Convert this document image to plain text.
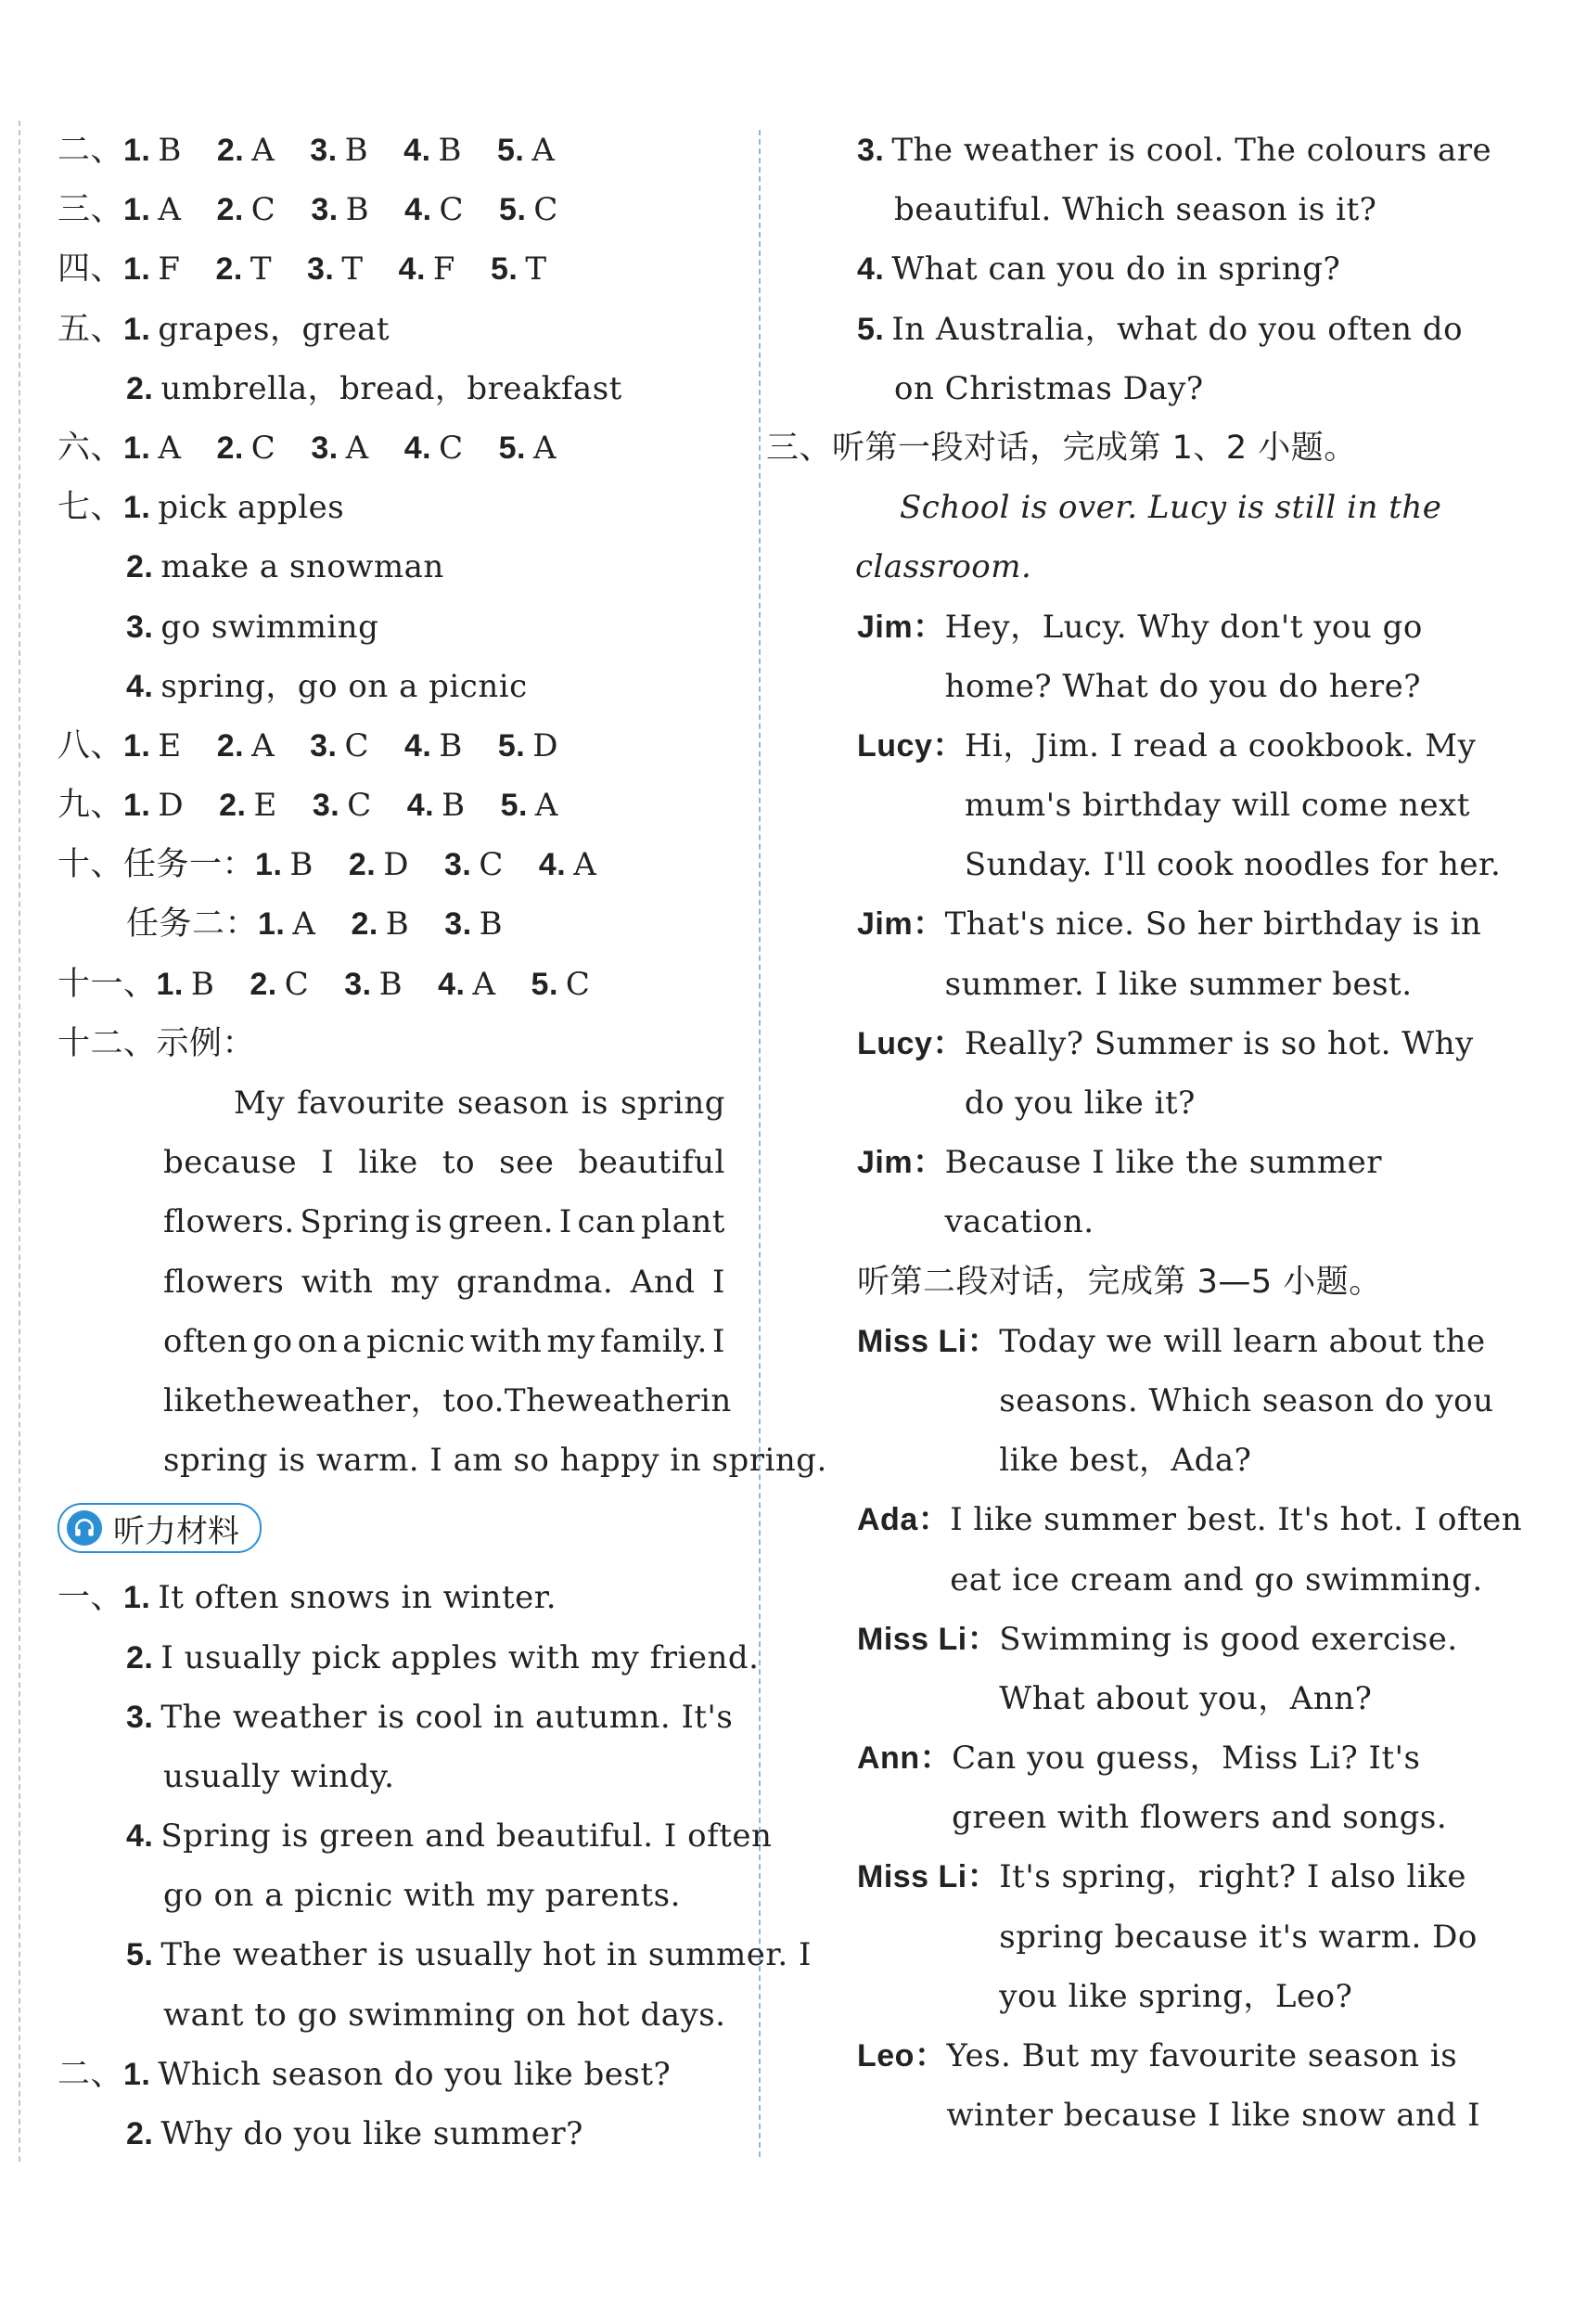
二、1. B 2. A 3. B 4. B 5. A
三、1. A 2. C 3. B 4. C 5. C
四、1. F 2. T 3. T 4. F 5. T
五、1. grapes，great
2. umbrella，bread，breakfast
六、1. A 2. C 3. A 4. C 5. A
七、1. pick apples
2. make a snowman
3. go swimming
4. spring，go on a picnic
八、1. E 2. A 3. C 4. B 5. D
九、1. D 2. E 3. C 4. B 5. A
十、任务一：1. B 2. D 3. C 4. A
任务二：1. A 2. B 3. B
十一、1. B 2. C 3. B 4. A 5. C
十二、示例：
My favourite season is spring
because I like to see beautiful
flowers. Spring is green. I can plant
flowers with my grandma. And I
often go on a picnic with my family. I
like the weather，too. The weather in
spring is warm. I am so happy in spring.
听力材料
一、1. It often snows in winter.
2. I usually pick apples with my friend.
3. The weather is cool in autumn. It's
usually windy.
4. Spring is green and beautiful. I often
go on a picnic with my parents.
5. The weather is usually hot in summer. I
want to go swimming on hot days.
二、1. Which season do you like best?
2. Why do you like summer?
3. The weather is cool. The colours are
beautiful. Which season is it?
4. What can you do in spring?
5. In Australia，what do you often do
on Christmas Day?
三、听第一段对话，完成第 1、2 小题。
School is over. Lucy is still in the
classroom.
Jim：Hey，Lucy. Why don't you go
home? What do you do here?
Lucy：Hi，Jim. I read a cookbook. My
mum's birthday will come next
Sunday. I'll cook noodles for her.
Jim：That's nice. So her birthday is in
summer. I like summer best.
Lucy：Really? Summer is so hot. Why
do you like it?
Jim：Because I like the summer
vacation.
听第二段对话，完成第 3—5 小题。
Miss Li：Today we will learn about the
seasons. Which season do you
like best，Ada?
Ada：I like summer best. It's hot. I often
eat ice cream and go swimming.
Miss Li：Swimming is good exercise.
What about you，Ann?
Ann：Can you guess，Miss Li? It's
green with flowers and songs.
Miss Li：It's spring，right? I also like
spring because it's warm. Do
you like spring，Leo?
Leo：Yes. But my favourite season is
winter because I like snow and I
